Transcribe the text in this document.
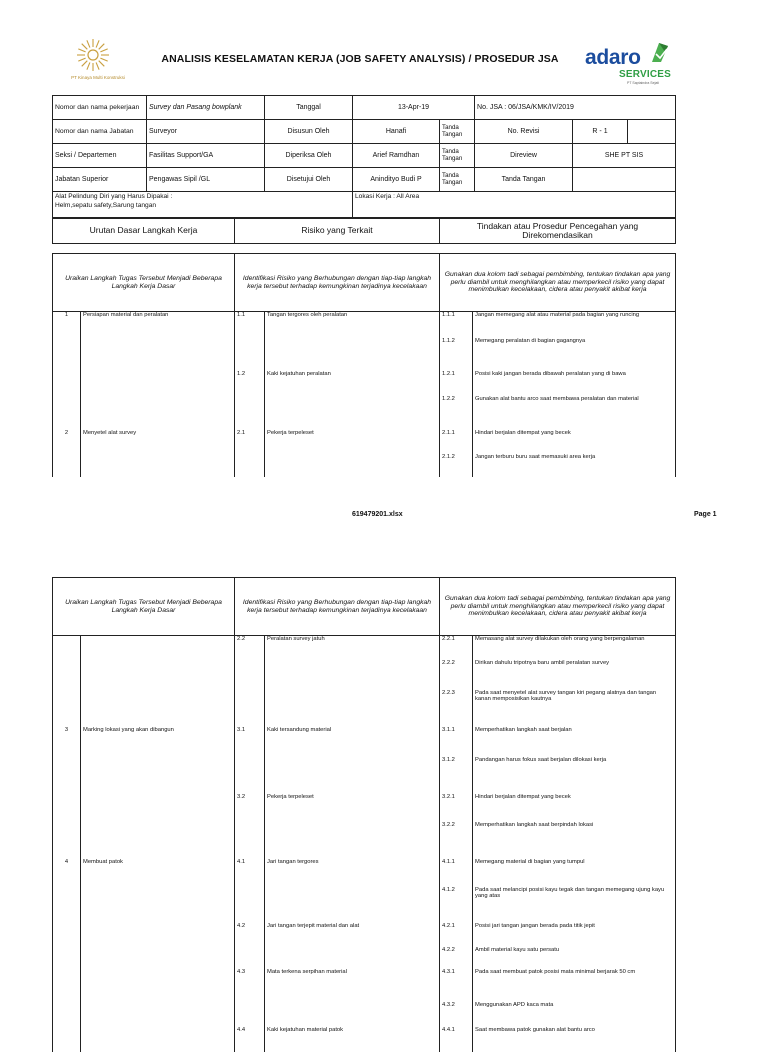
PT Kinaya Multi Konstruksi
ANALISIS KESELAMATAN KERJA (JOB SAFETY ANALYSIS) / PROSEDUR JSA	adaro
SERVICES
PT Saptaindra Sejati
Nomor dan nama pekerjaan	Survey dan Pasang bowplank	Tanggal	13-Apr-19		No. JSA : 06/JSA/KMK/IV/2019		
Nomor dan nama Jabatan	Surveyor	Disusun Oleh	Hanafi	Tanda Tangan	No. Revisi	R - 1	
Seksi / Departemen	Fasilitas Support/GA	Diperiksa Oleh	Arief Ramdhan	Tanda Tangan	Direview	SHE PT SIS	
Jabatan Superior	Pengawas Sipil /GL	Disetujui Oleh	Anindityo Budi P	Tanda Tangan	Tanda Tangan		
Alat Pelindung Diri yang Harus Dipakai :
Helm,sepatu safety,Sarung tangan
	Lokasi Kerja : All Area
Urutan Dasar Langkah Kerja	Risiko yang Terkait	Tindakan atau Prosedur Pencegahan yang Direkomendasikan
Uraikan Langkah Tugas Tersebut Menjadi Beberapa Langkah Kerja Dasar		Identifikasi Risiko yang Berhubungan dengan tiap-tiap langkah kerja tersebut terhadap kemungkinan terjadinya kecelakaan		Gunakan dua kolom tadi sebagai pembimbing, tentukan tindakan apa yang perlu diambil untuk menghilangkan atau memperkecil risiko yang dapat menimbulkan kecelakaan, cidera atau penyakit akibat kerja	
1	Persiapan material dan peralatan	1.1	Tangan tergores oleh peralatan	1.1.1	Jangan memegang alat atau material pada bagian yang runcing
				1.1.2	Memegang peralatan di bagian gagangnya
		1.2	Kaki kejatuhan peralatan	1.2.1	Posisi kaki jangan berada dibawah peralatan yang di bawa
				1.2.2	Gunakan alat bantu arco saat membawa peralatan dan material
2	Menyetel alat survey	2.1	Pekerja terpeleset	2.1.1	Hindari berjalan ditempat yang becek
				2.1.2	Jangan terburu buru saat memasuki area kerja
619479201.xlsx	Page 1
Uraikan Langkah Tugas Tersebut Menjadi Beberapa Langkah Kerja Dasar		Identifikasi Risiko yang Berhubungan dengan tiap-tiap langkah kerja tersebut terhadap kemungkinan terjadinya kecelakaan		Gunakan dua kolom tadi sebagai pembimbing, tentukan tindakan apa yang perlu diambil untuk menghilangkan atau memperkecil risiko yang dapat menimbulkan kecelakaan, cidera atau penyakit akibat kerja	
		2.2	Peralatan survey jatuh	2.2.1	Memasang alat survey dilakukan oleh orang yang berpengalaman
				2.2.2	Dirikan dahulu tripotnya baru ambil peralatan survey
				2.2.3	Pada saat menyetel alat survey tangan kiri pegang alatnya dan tangan kanan memposisikan kautnya
3	Marking lokasi yang akan dibangun	3.1	Kaki tersandung material	3.1.1	Memperhatikan langkah saat berjalan
				3.1.2	Pandangan harus fokus saat berjalan dilokasi kerja
		3.2	Pekerja terpeleset	3.2.1	Hindari berjalan ditempat yang becek
				3.2.2	Memperhatikan langkah saat berpindah lokasi
4	Membuat patok	4.1	Jari tangan tergores	4.1.1	Memegang material di bagian yang tumpul
				4.1.2	Pada saat melancipi posisi kayu tegak dan tangan memegang ujung kayu yang atas
		4.2	Jari tangan terjepit material dan alat	4.2.1	Posisi jari tangan jangan berada pada titik jepit
				4.2.2	Ambil material kayu satu persatu
		4.3	Mata terkena serpihan material	4.3.1	Pada saat membuat patok posisi mata minimal berjarak 50 cm
				4.3.2	Menggunakan APD kaca mata
		4.4	Kaki kejatuhan material patok	4.4.1	Saat membawa patok gunakan alat bantu arco
